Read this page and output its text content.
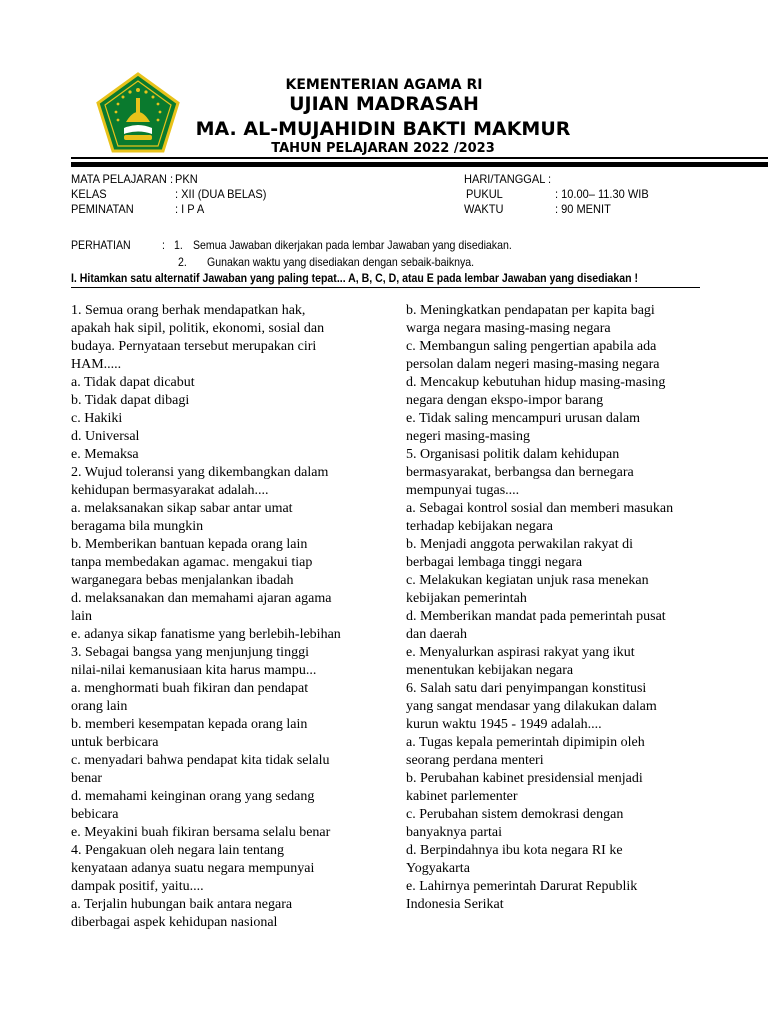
KEMENTERIAN AGAMA RI
UJIAN MADRASAH
MA. AL-MUJAHIDIN BAKTI MAKMUR
TAHUN PELAJARAN 2022 /2023
MATA PELAJARAN : PKN
KELAS	: XII (DUA BELAS)
PEMINATAN	: I P A
HARI/TANGGAL :
PUKUL	: 10.00– 11.30 WIB
WAKTU	: 90 MENIT
PERHATIAN	: 1. Semua Jawaban dikerjakan pada lembar Jawaban yang disediakan.
2. Gunakan waktu yang disediakan dengan sebaik-baiknya.
I. Hitamkan satu alternatif Jawaban yang paling tepat... A, B, C, D, atau E pada lembar Jawaban yang disediakan !
1. Semua orang berhak mendapatkan hak,
apakah hak sipil, politik, ekonomi, sosial dan
budaya. Pernyataan tersebut merupakan ciri
HAM.....
a. Tidak dapat dicabut
b. Tidak dapat dibagi
c. Hakiki
d. Universal
e. Memaksa
2. Wujud toleransi yang dikembangkan dalam
kehidupan bermasyarakat adalah....
a. melaksanakan sikap sabar antar umat
beragama bila mungkin
b. Memberikan bantuan kepada orang lain
tanpa membedakan agamac. mengakui tiap
warganegara bebas menjalankan ibadah
d. melaksanakan dan memahami ajaran agama
lain
e. adanya sikap fanatisme yang berlebih-lebihan
3. Sebagai bangsa yang menjunjung tinggi
nilai-nilai kemanusiaan kita harus mampu...
a. menghormati buah fikiran dan pendapat
orang lain
b. memberi kesempatan kepada orang lain
untuk berbicara
c. menyadari bahwa pendapat kita tidak selalu
benar
d. memahami keinginan orang yang sedang
bebicara
e. Meyakini buah fikiran bersama selalu benar
4. Pengakuan oleh negara lain tentang
kenyataan adanya suatu negara mempunyai
dampak positif, yaitu....
a. Terjalin hubungan baik antara negara
diberbagai aspek kehidupan nasional
b. Meningkatkan pendapatan per kapita bagi
warga negara masing-masing negara
c. Membangun saling pengertian apabila ada
persolan dalam negeri masing-masing negara
d. Mencakup kebutuhan hidup masing-masing
negara dengan ekspo-impor barang
e. Tidak saling mencampuri urusan dalam
negeri masing-masing
5. Organisasi politik dalam kehidupan
bermasyarakat, berbangsa dan bernegara
mempunyai tugas....
a. Sebagai kontrol sosial dan memberi masukan
terhadap kebijakan negara
b. Menjadi anggota perwakilan rakyat di
berbagai lembaga tinggi negara
c. Melakukan kegiatan unjuk rasa menekan
kebijakan pemerintah
d. Memberikan mandat pada pemerintah pusat
dan daerah
e. Menyalurkan aspirasi rakyat yang ikut
menentukan kebijakan negara
6. Salah satu dari penyimpangan konstitusi
yang sangat mendasar yang dilakukan dalam
kurun waktu 1945 - 1949 adalah....
a. Tugas kepala pemerintah dipimipin oleh
seorang perdana menteri
b. Perubahan kabinet presidensial menjadi
kabinet parlementer
c. Perubahan sistem demokrasi dengan
banyaknya partai
d. Berpindahnya ibu kota negara RI ke
Yogyakarta
e. Lahirnya pemerintah Darurat Republik
Indonesia Serikat
